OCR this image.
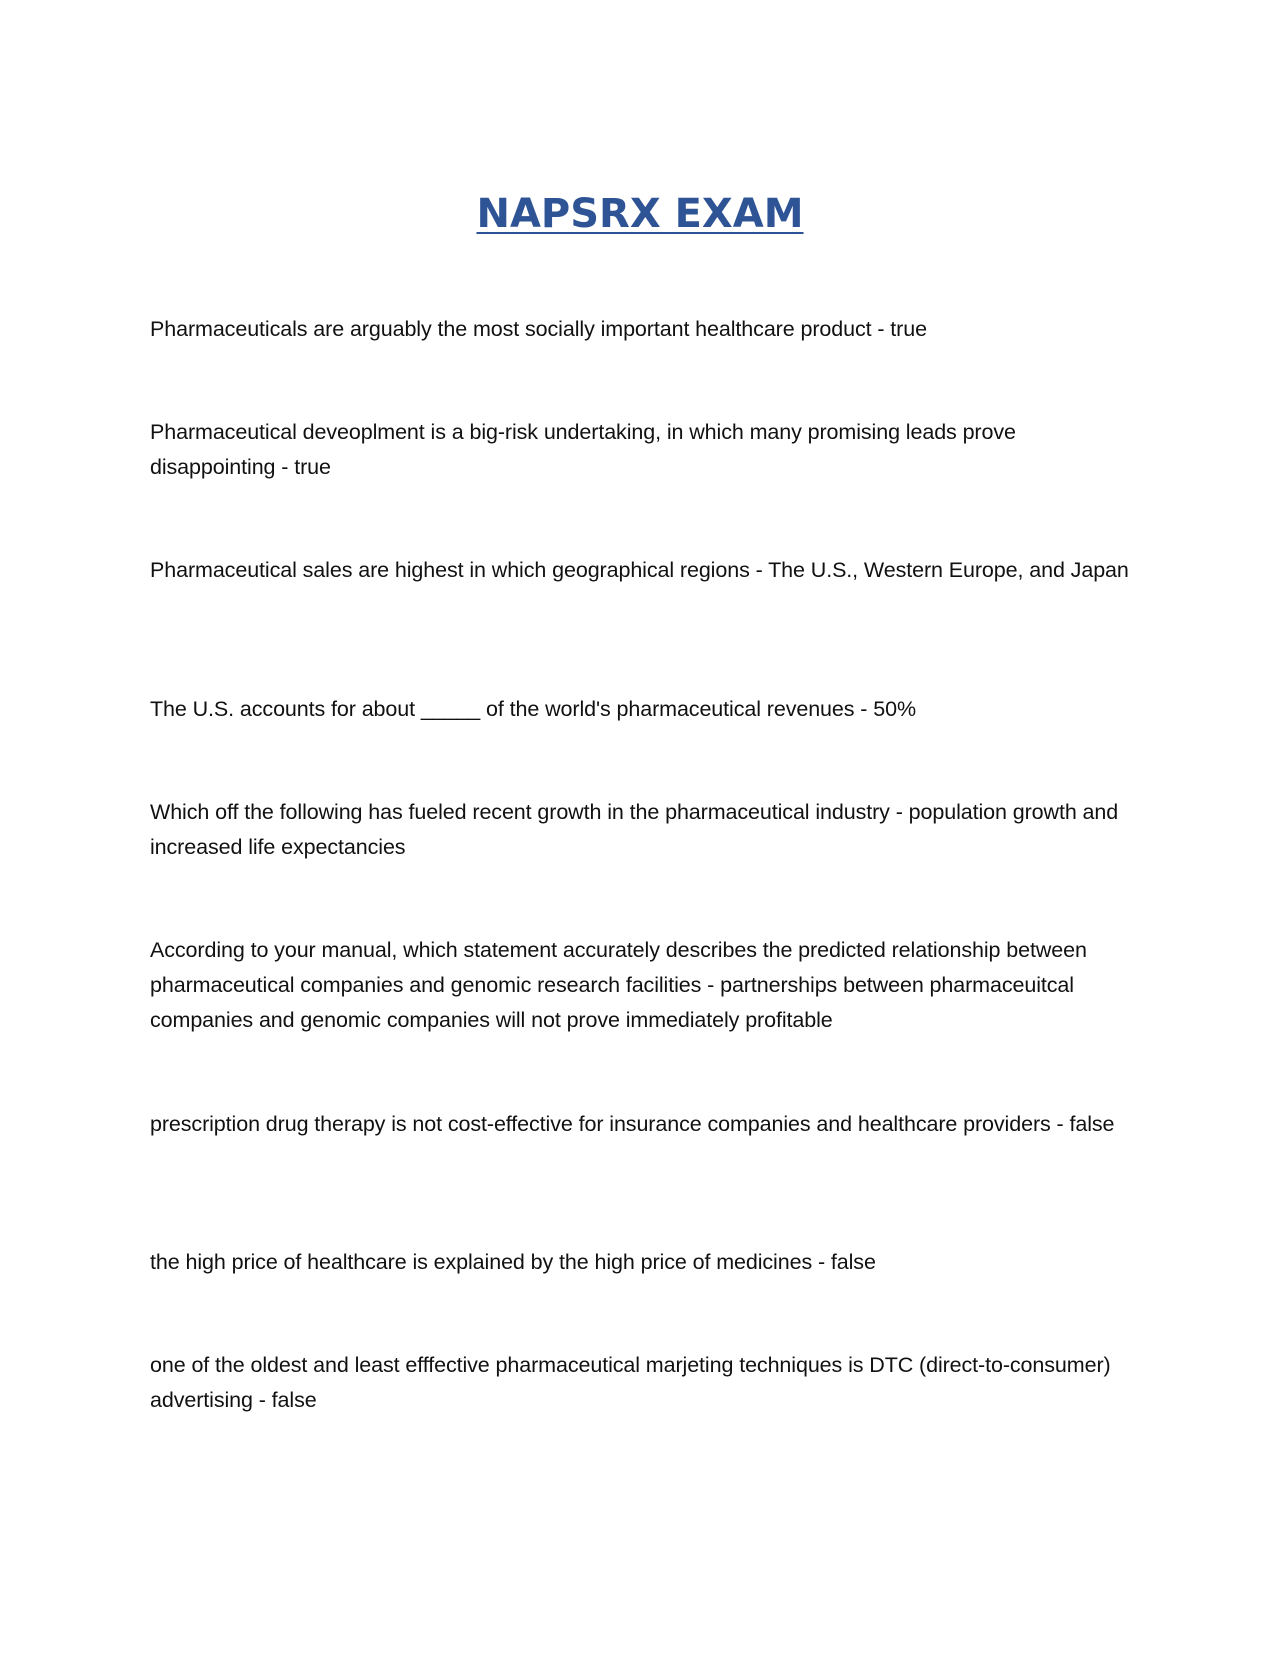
NAPSRX EXAM

Pharmaceuticals are arguably the most socially important healthcare product - true

Pharmaceutical deveoplment is a big-risk undertaking, in which many promising leads prove disappointing - true

Pharmaceutical sales are highest in which geographical regions - The U.S., Western Europe, and Japan

The U.S. accounts for about _____ of the world's pharmaceutical revenues - 50%

Which off the following has fueled recent growth in the pharmaceutical industry - population growth and increased life expectancies

According to your manual, which statement accurately describes the predicted relationship between pharmaceutical companies and genomic research facilities - partnerships between pharmaceuitcal companies and genomic companies will not prove immediately profitable

prescription drug therapy is not cost-effective for insurance companies and healthcare providers - false

the high price of healthcare is explained by the high price of medicines - false

one of the oldest and least efffective pharmaceutical marjeting techniques is DTC (direct-to-consumer) advertising - false
